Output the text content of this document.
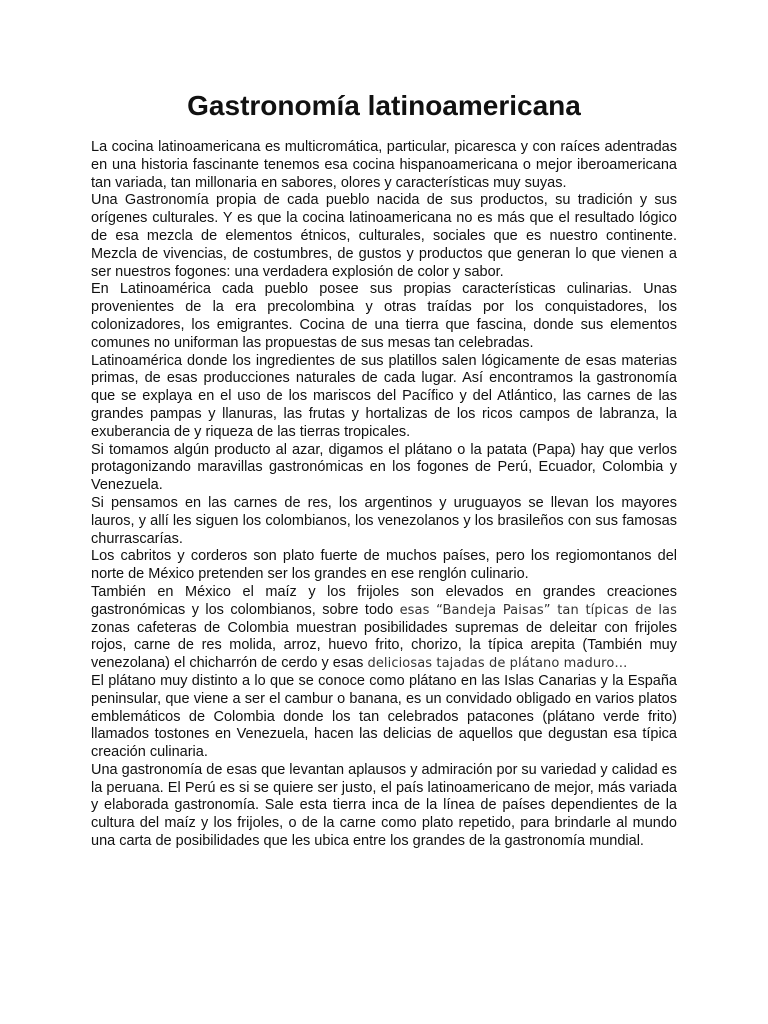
Gastronomía latinoamericana

La cocina latinoamericana es multicromática, particular, picaresca y con raíces adentradas en una historia fascinante tenemos esa cocina hispanoamericana o mejor iberoamericana tan variada, tan millonaria en sabores, olores y características muy suyas.

Una Gastronomía propia de cada pueblo nacida de sus productos, su tradición y sus orígenes culturales. Y es que la cocina latinoamericana no es más que el resultado lógico de esa mezcla de elementos étnicos, culturales, sociales que es nuestro continente. Mezcla de vivencias, de costumbres, de gustos y productos que generan lo que vienen a ser nuestros fogones: una verdadera explosión de color y sabor.

En Latinoamérica cada pueblo posee sus propias características culinarias. Unas provenientes de la era precolombina y otras traídas por los conquistadores, los colonizadores, los emigrantes. Cocina de una tierra que fascina, donde sus elementos comunes no uniforman las propuestas de sus mesas tan celebradas.

Latinoamérica donde los ingredientes de sus platillos salen lógicamente de esas materias primas, de esas producciones naturales de cada lugar. Así encontramos la gastronomía que se explaya en el uso de los mariscos del Pacífico y del Atlántico, las carnes de las grandes pampas y llanuras, las frutas y hortalizas de los ricos campos de labranza, la exuberancia de y riqueza de las tierras tropicales.

Si tomamos algún producto al azar, digamos el plátano o la patata (Papa) hay que verlos protagonizando maravillas gastronómicas en los fogones de Perú, Ecuador, Colombia y Venezuela.

Si pensamos en las carnes de res, los argentinos y uruguayos se llevan los mayores lauros, y allí les siguen los colombianos, los venezolanos y los brasileños con sus famosas churrascarías.

Los cabritos y corderos son plato fuerte de muchos países, pero los regiomontanos del norte de México pretenden ser los grandes en ese renglón culinario.

También en México el maíz y los frijoles son elevados en grandes creaciones gastronómicas y los colombianos, sobre todo esas “Bandeja Paisas” tan típicas de las zonas cafeteras de Colombia muestran posibilidades supremas de deleitar con frijoles rojos, carne de res molida, arroz, huevo frito, chorizo, la típica arepita (También muy venezolana) el chicharrón de cerdo y esas deliciosas tajadas de plátano maduro…

El plátano muy distinto a lo que se conoce como plátano en las Islas Canarias y la España peninsular, que viene a ser el cambur o banana, es un convidado obligado en varios platos emblemáticos de Colombia donde los tan celebrados patacones (plátano verde frito) llamados tostones en Venezuela, hacen las delicias de aquellos que degustan esa típica creación culinaria.

Una gastronomía de esas que levantan aplausos y admiración por su variedad y calidad es la peruana. El Perú es si se quiere ser justo, el país latinoamericano de mejor, más variada y elaborada gastronomía. Sale esta tierra inca de la línea de países dependientes de la cultura del maíz y los frijoles, o de la carne como plato repetido, para brindarle al mundo una carta de posibilidades que les ubica entre los grandes de la gastronomía mundial.
